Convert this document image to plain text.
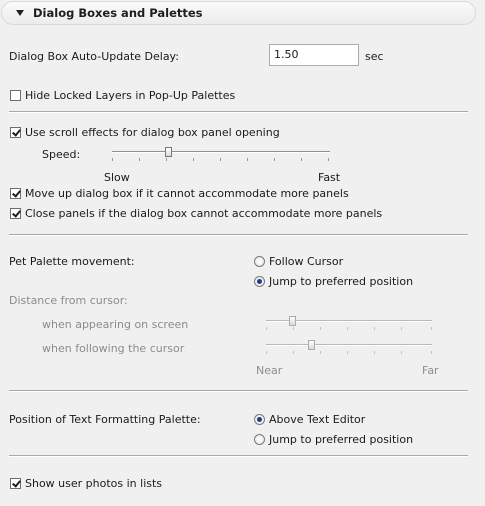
Dialog Boxes and Palettes
Dialog Box Auto-Update Delay:	1.50	sec
Hide Locked Layers in Pop-Up Palettes
Use scroll effects for dialog box panel opening
Speed:
Slow	Fast
Move up dialog box if it cannot accommodate more panels
Close panels if the dialog box cannot accommodate more panels
Pet Palette movement:	Follow Cursor
Jump to preferred position
Distance from cursor:
when appearing on screen
when following the cursor
Near	Far
Position of Text Formatting Palette:	Above Text Editor
Jump to preferred position
Show user photos in lists
